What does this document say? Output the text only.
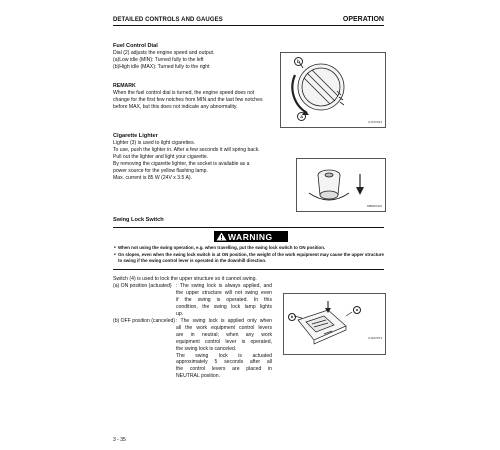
DETAILED CONTROLS AND GAUGES	OPERATION
Fuel Control Dial
Dial (2) adjusts the engine speed and output.
(a)Low idle (MIN): Turned fully to the left
(b)High idle (MAX): Turned fully to the right
REMARK
When the fuel control dial is turned, the engine speed does not
change for the first few notches from MIN and the last few notches
before MAX, but this does not indicate any abnormality.
b
a
CJ7AT013
Cigarette Lighter
Lighter (3) is used to light cigarettes.
To use, push the lighter in. After a few seconds it will spring back.
Pull out the lighter and light your cigarette.
By removing the cigarette lighter, the socket is available as a
power source for the yellow flashing lamp.
Max. current is 85 W (24V x 3.5 A).
MB0D0410
Swing Lock Switch
WARNING
• When not using the swing operation, e.g. when travelling, put the swing lock switch to ON position.
• On slopes, even when the swing lock switch is at ON position, the weight of the work equipment may cause the upper structure
to swing if the swing control lever is operated in the downhill direction.
Switch (4) is used to lock the upper structure so it cannot swing.
(a) ON position (actuated) : The swing lock is always applied, and
the upper structure will not swing even
if the swing is operated. In this
condition, the swing lock lamp lights
up.
(b) OFF position (canceled) : The swing lock is applied only when
all the work equipment control levers
are in neutral; when any work
equipment control lever is operated,
the swing lock is canceled.
The swing lock is actuated
approximately 5 seconds after all
the control levers are placed in
NEUTRAL position.
a
b
CJ4AT073
3 - 35
